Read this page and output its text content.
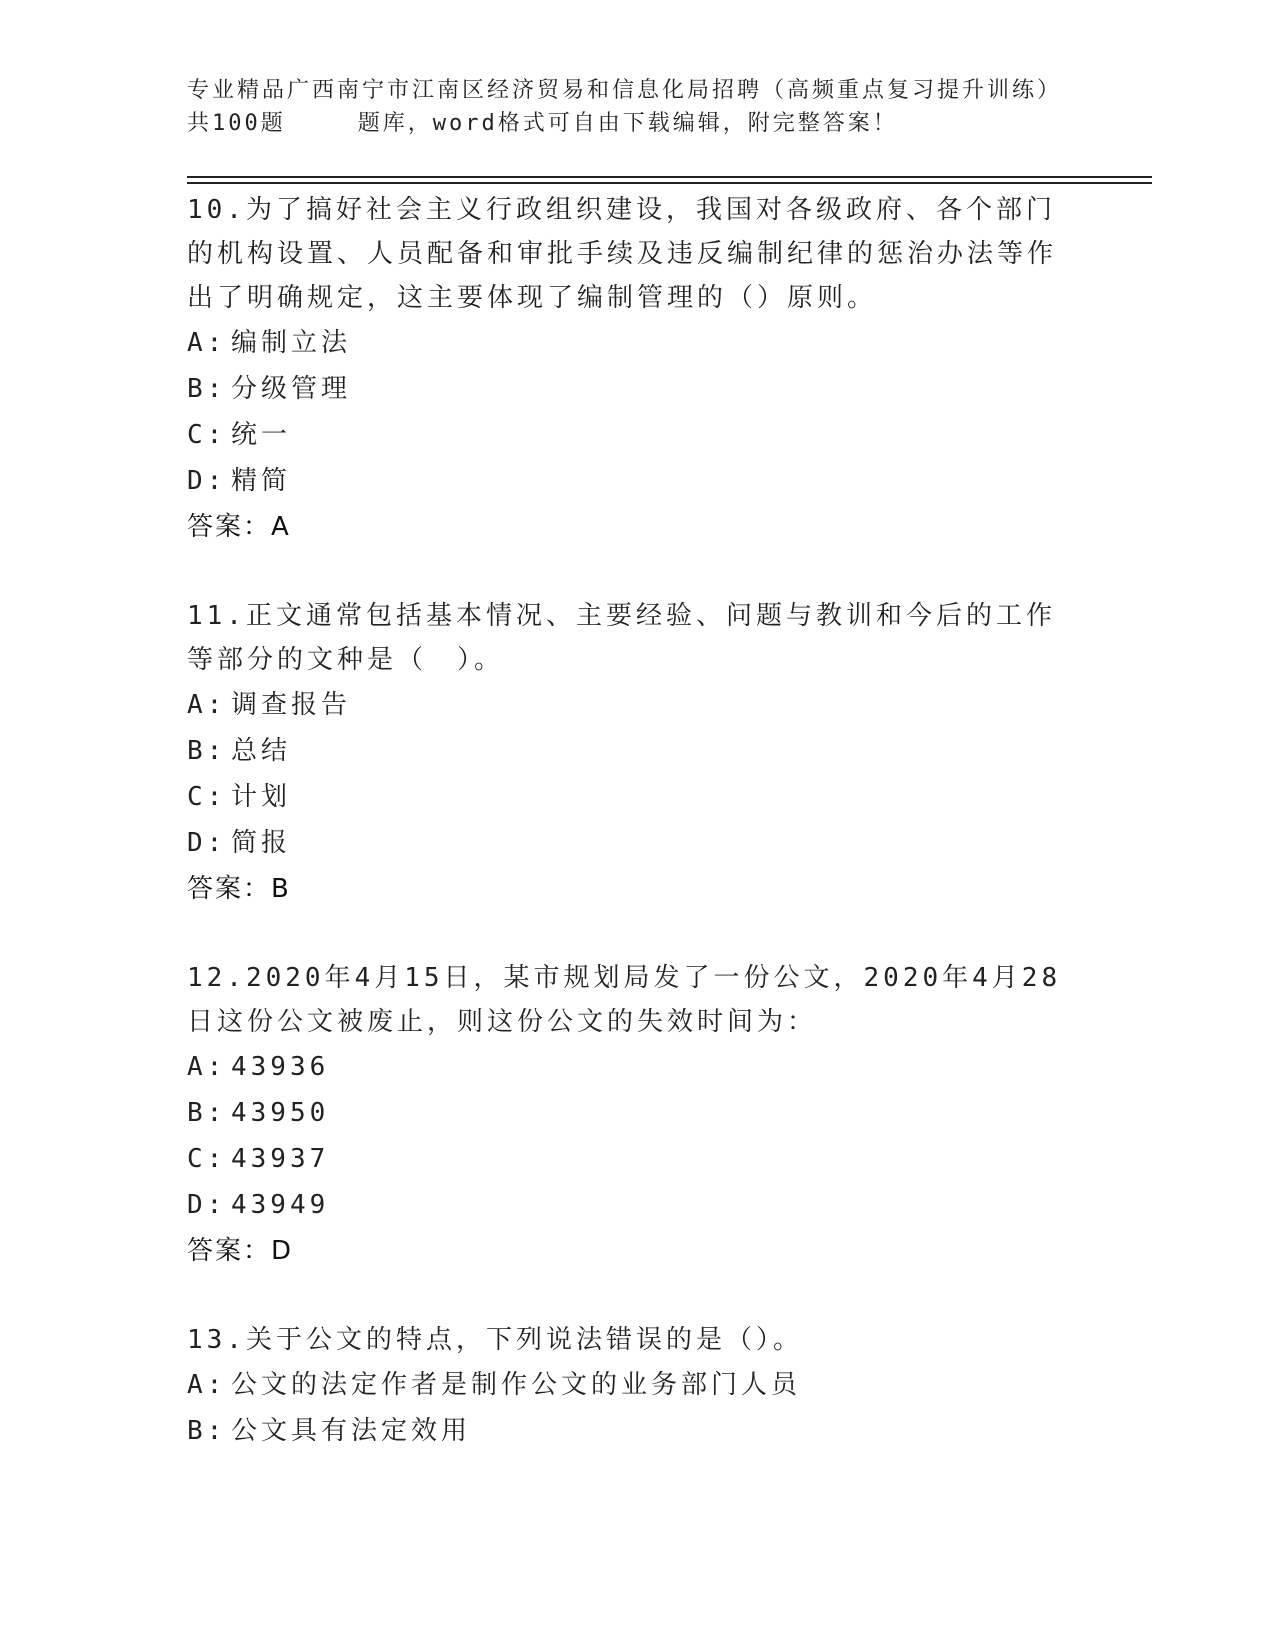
专业精品广西南宁市江南区经济贸易和信息化局招聘（高频重点复习提升训练）
共100题	题库，word格式可自由下载编辑，附完整答案！

10.为了搞好社会主义行政组织建设，我国对各级政府、各个部门的机构设置、人员配备和审批手续及违反编制纪律的惩治办法等作出了明确规定，这主要体现了编制管理的（）原则。

A: 编制立法

B: 分级管理

C: 统一

D: 精简

答案：A

11.正文通常包括基本情况、主要经验、问题与教训和今后的工作等部分的文种是（　）。

A: 调查报告

B: 总结

C: 计划

D: 简报

答案：B

12.2020年4月15日，某市规划局发了一份公文，2020年4月28日这份公文被废止，则这份公文的失效时间为：

A: 43936

B: 43950

C: 43937

D: 43949

答案：D

13.关于公文的特点，下列说法错误的是（）。

A: 公文的法定作者是制作公文的业务部门人员

B: 公文具有法定效用
